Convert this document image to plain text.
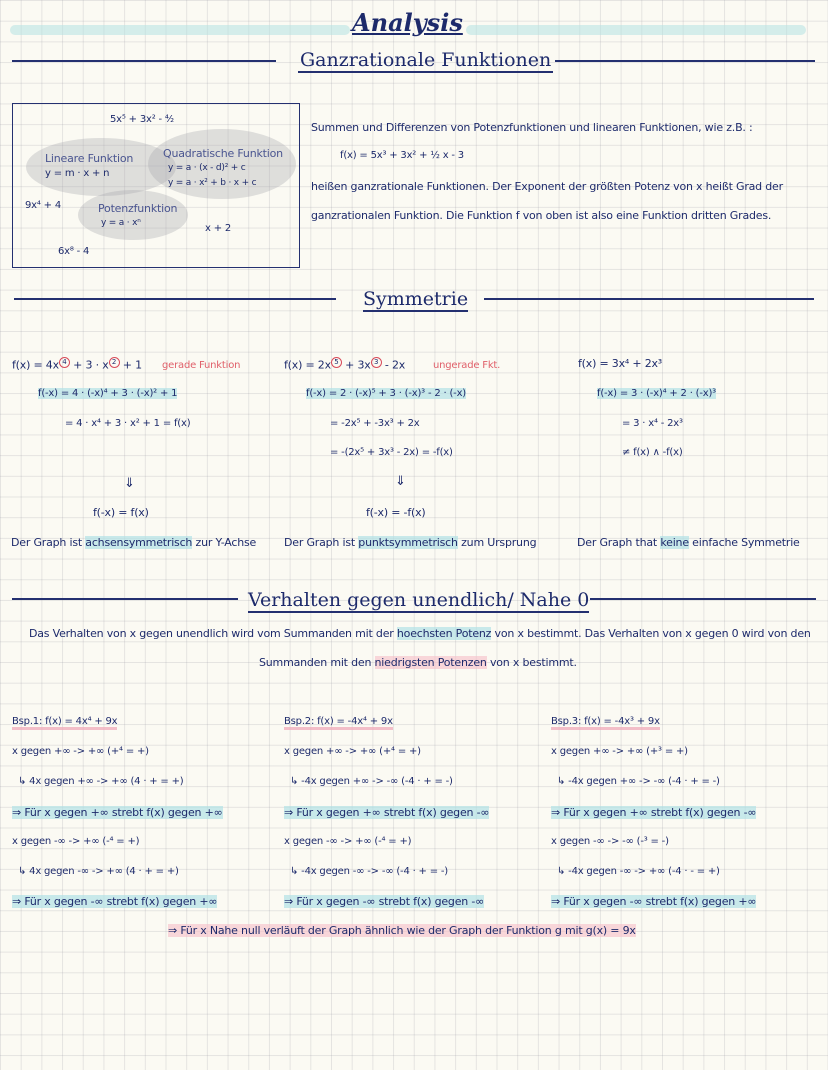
Analysis
Ganzrationale Funktionen
5x⁵ + 3x² - ⁴⁄₂
Lineare Funktion
y = m · x + n
Quadratische Funktion
y = a · (x - d)² + c
y = a · x² + b · x + c
9x⁴ + 4	Potenzfunktion
y = a · xⁿ	x + 2
6x⁸ - 4
Summen und Differenzen von Potenzfunktionen und linearen Funktionen, wie z.B. :
f(x) = 5x³ + 3x² + ½ x - 3
heißen ganzrationale Funktionen. Der Exponent der größten Potenz von x heißt Grad der
ganzrationalen Funktion. Die Funktion f von oben ist also eine Funktion dritten Grades.
Symmetrie
f(x) = 4x 4 + 3 · x 2 + 1 gerade Funktion
f(-x) = 4 · (-x)⁴ + 3 · (-x)² + 1
= 4 · x⁴ + 3 · x² + 1 = f(x)
⇓
f(-x) = f(x)
Der Graph ist achsensymmetrisch zur Y-Achse
f(x) = 2x 5 + 3x 3 - 2x	ungerade Fkt.
f(-x) = 2 · (-x)⁵ + 3 · (-x)³ - 2 · (-x)
= -2x⁵ + -3x³ + 2x
= -(2x⁵ + 3x³ - 2x) = -f(x)
⇓
f(-x) = -f(x)
Der Graph ist punktsymmetrisch zum Ursprung
f(x) = 3x⁴ + 2x³
f(-x) = 3 · (-x)⁴ + 2 · (-x)³
= 3 · x⁴ - 2x³
≠ f(x) ∧ -f(x)
Der Graph that keine einfache Symmetrie
Verhalten gegen unendlich/ Nahe 0
Das Verhalten von x gegen unendlich wird vom Summanden mit der hoechsten Potenz von x bestimmt. Das Verhalten von x gegen 0 wird von den
Summanden mit den niedrigsten Potenzen von x bestimmt.
Bsp.1: f(x) = 4x⁴ + 9x
x gegen +∞ -> +∞ (+⁴ = +)
↳ 4x gegen +∞ -> +∞ (4 · + = +)
⇒ Für x gegen +∞ strebt f(x) gegen +∞
x gegen -∞ -> +∞ (-⁴ = +)
↳ 4x gegen -∞ -> +∞ (4 · + = +)
⇒ Für x gegen -∞ strebt f(x) gegen +∞
Bsp.2: f(x) = -4x⁴ + 9x
x gegen +∞ -> +∞ (+⁴ = +)
↳ -4x gegen +∞ -> -∞ (-4 · + = -)
⇒ Für x gegen +∞ strebt f(x) gegen -∞
x gegen -∞ -> +∞ (-⁴ = +)
↳ -4x gegen -∞ -> -∞ (-4 · + = -)
⇒ Für x gegen -∞ strebt f(x) gegen -∞
Bsp.3: f(x) = -4x³ + 9x
x gegen +∞ -> +∞ (+³ = +)
↳ -4x gegen +∞ -> -∞ (-4 · + = -)
⇒ Für x gegen +∞ strebt f(x) gegen -∞
x gegen -∞ -> -∞ (-³ = -)
↳ -4x gegen -∞ -> +∞ (-4 · - = +)
⇒ Für x gegen -∞ strebt f(x) gegen +∞
⇒ Für x Nahe null verläuft der Graph ähnlich wie der Graph der Funktion g mit g(x) = 9x
